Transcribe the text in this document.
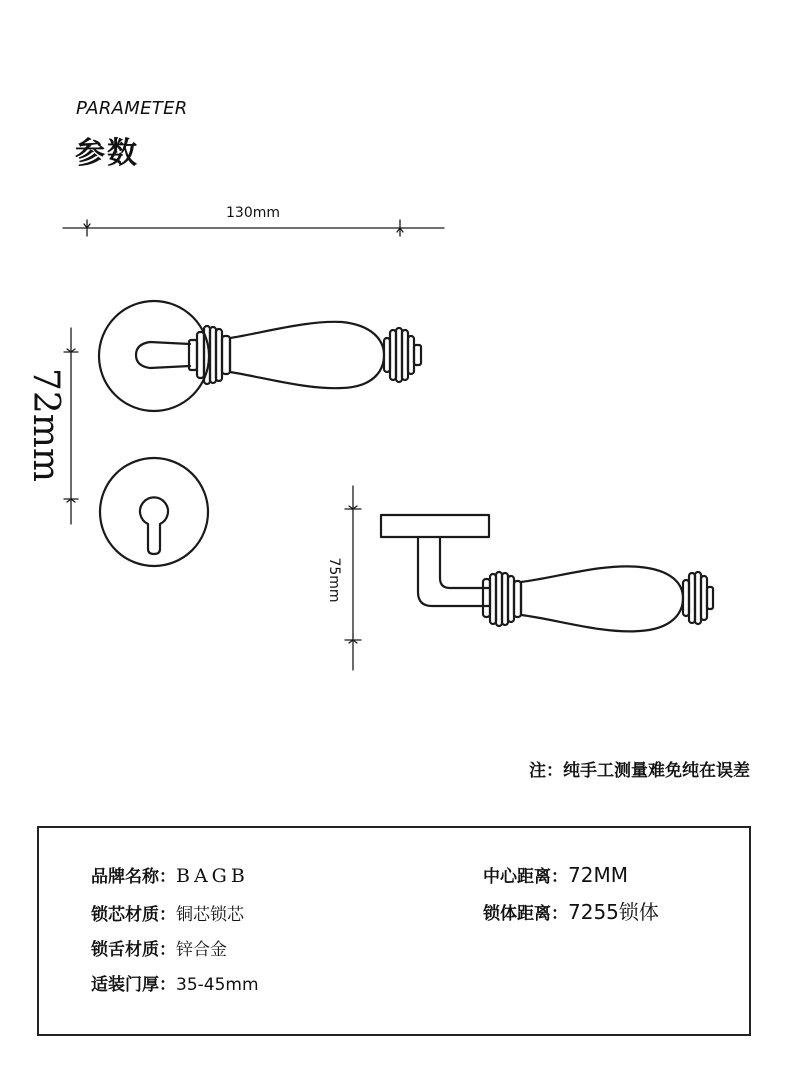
PARAMETER
参数
130mm
72mm
75mm
注：纯手工测量难免纯在误差
品牌名称：BAGB
锁芯材质：铜芯锁芯
锁舌材质：锌合金
适装门厚：35-45mm
中心距离：72MM
锁体距离：7255锁体
